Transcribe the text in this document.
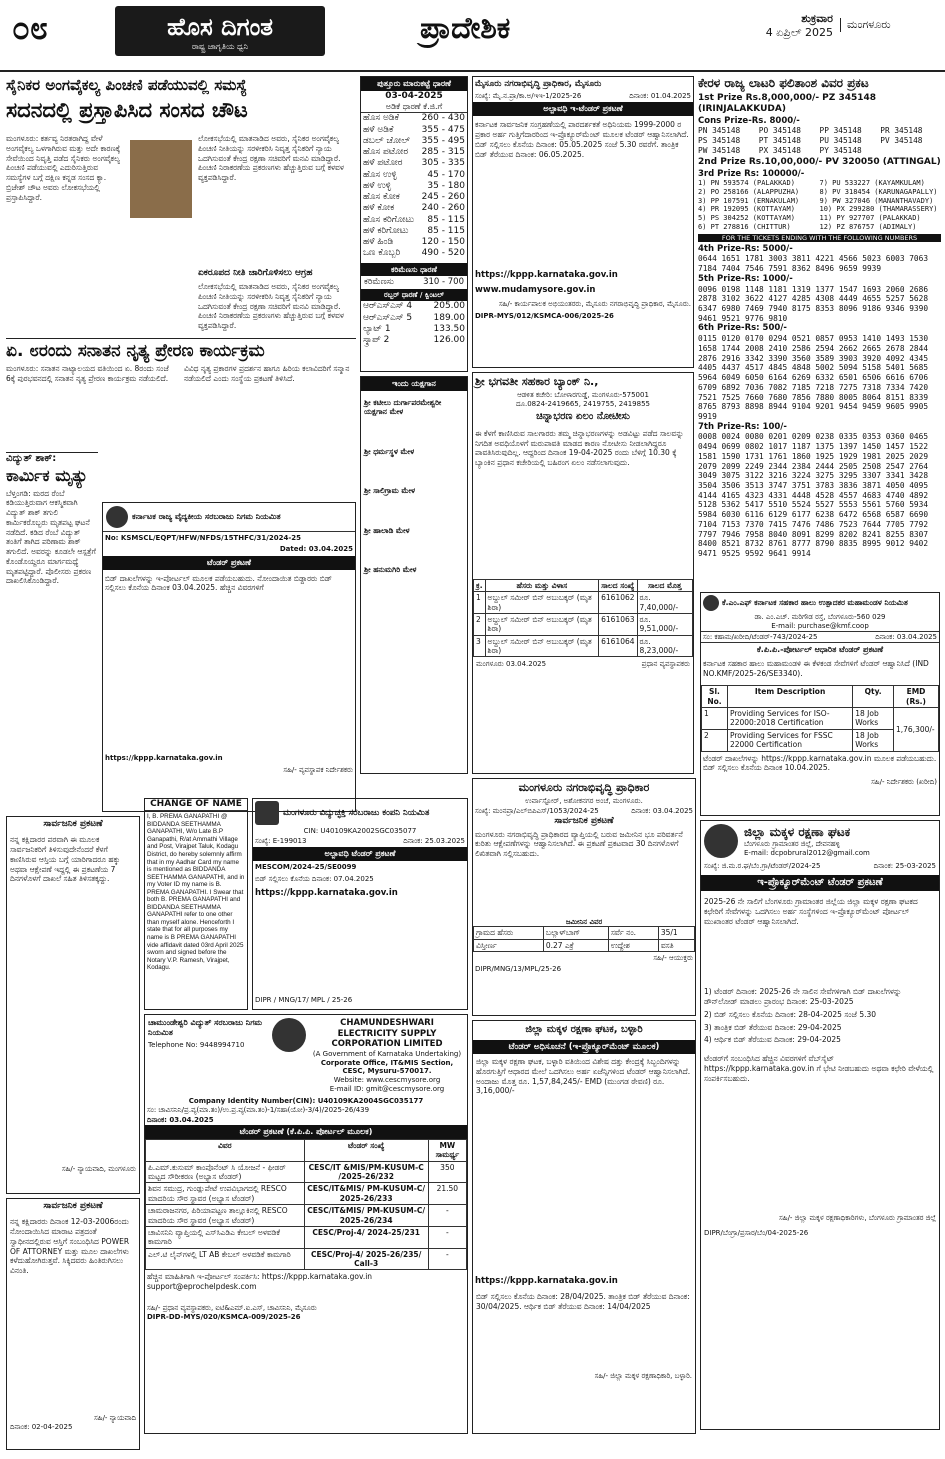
೦೮	ಹೊಸ ದಿಗಂತ
ರಾಷ್ಟ್ರ ಜಾಗೃತಿಯ ಧ್ವನಿ
ಪ್ರಾದೇಶಿಕ	ಶುಕ್ರವಾರ
4 ಏಪ್ರಿಲ್ 2025
ಮಂಗಳೂರು
ಸೈನಿಕರ ಅಂಗವೈಕಲ್ಯ ಪಿಂಚಣಿ ಪಡೆಯುವಲ್ಲಿ ಸಮಸ್ಯೆ
ಸದನದಲ್ಲಿ ಪ್ರಸ್ತಾಪಿಸಿದ ಸಂಸದ ಚೌಟ
ಮಂಗಳೂರು: ಕರ್ತವ್ಯ ನಿರತರಾಗಿದ್ದ ವೇಳೆ ಅಂಗವೈಕಲ್ಯ ಒಳಗಾಗಿರುವ ಮತ್ತು ಅದೇ ಕಾರಣಕ್ಕೆ ಸೇವೆಯಿಂದ ನಿವೃತ್ತಿ ಪಡೆದ ಸೈನಿಕರು ಅಂಗವೈಕಲ್ಯ ಪಿಂಚಣಿ ಪಡೆಯುವಲ್ಲಿ ಎದುರಿಸುತ್ತಿರುವ ಸಮಸ್ಯೆಗಳ ಬಗ್ಗೆ ದಕ್ಷಿಣ ಕನ್ನಡ ಸಂಸದ ಕ್ಯಾ. ಬ್ರಿಜೇಶ್ ಚೌಟ ಅವರು ಲೋಕಸಭೆಯಲ್ಲಿ ಪ್ರಸ್ತಾಪಿಸಿದ್ದಾರೆ.
ಲೋಕಸಭೆಯಲ್ಲಿ ಮಾತನಾಡಿದ ಅವರು, ಸೈನಿಕರ ಅಂಗವೈಕಲ್ಯ ಪಿಂಚಣಿ ನೀತಿಯನ್ನು ಸರಳೀಕರಿಸಿ ನಿವೃತ್ತ ಸೈನಿಕರಿಗೆ ನ್ಯಾಯ ಒದಗಿಸುವಂತೆ ಕೇಂದ್ರ ರಕ್ಷಣಾ ಸಚಿವರಿಗೆ ಮನವಿ ಮಾಡಿದ್ದಾರೆ. ಪಿಂಚಣಿ ನಿರಾಕರಣೆಯ ಪ್ರಕರಣಗಳು ಹೆಚ್ಚುತ್ತಿರುವ ಬಗ್ಗೆ ಕಳವಳ ವ್ಯಕ್ತಪಡಿಸಿದ್ದಾರೆ.
ಏಕರೂಪದ ನೀತಿ ಜಾರಿಗೊಳಿಸಲು ಆಗ್ರಹ
ಲೋಕಸಭೆಯಲ್ಲಿ ಮಾತನಾಡಿದ ಅವರು, ಸೈನಿಕರ ಅಂಗವೈಕಲ್ಯ ಪಿಂಚಣಿ ನೀತಿಯನ್ನು ಸರಳೀಕರಿಸಿ ನಿವೃತ್ತ ಸೈನಿಕರಿಗೆ ನ್ಯಾಯ ಒದಗಿಸುವಂತೆ ಕೇಂದ್ರ ರಕ್ಷಣಾ ಸಚಿವರಿಗೆ ಮನವಿ ಮಾಡಿದ್ದಾರೆ. ಪಿಂಚಣಿ ನಿರಾಕರಣೆಯ ಪ್ರಕರಣಗಳು ಹೆಚ್ಚುತ್ತಿರುವ ಬಗ್ಗೆ ಕಳವಳ ವ್ಯಕ್ತಪಡಿಸಿದ್ದಾರೆ.
ಪುತ್ತೂರು ಮಾರುಕಟ್ಟೆ ಧಾರಣೆ
03-04-2025
ಅಡಿಕೆ ಧಾರಣೆ ಕೆ.ಜಿ.ಗೆ
ಹೊಸ ಅಡಿಕೆ	260 - 430
ಹಳೆ ಅಡಿಕೆ	355 - 475
ಡಬಲ್ ಚೋಲ್	355 - 495
ಹೊಸ ಪಟೋರ	285 - 315
ಹಳೆ ಪಟೋರ	305 - 335
ಹೊಸ ಉಳ್ಳಿ	45 - 170
ಹಳೆ ಉಳ್ಳಿ	35 - 180
ಹೊಸ ಕೋಕ	245 - 260
ಹಳೆ ಕೋಕ	240 - 260
ಹೊಸ ಕರಿಗೋಟು	85 - 115
ಹಳೆ ಕರಿಗೋಟು	85 - 115
ಹಳೆ ಹಿಂಡಿ	120 - 150
ಒಣ ಕೊಬ್ಬರಿ	490 - 520
ಕರಿಮೆಣಸು ಧಾರಣೆ
ಕರಿಮೆಣಸು	310 - 700
ರಬ್ಬರ್ ಧಾರಣೆ / ಕ್ವಿಂಟಲ್
ಆರ್‌ಎಸ್‌ಎಸ್ 4	205.00
ಆರ್‌ಎಸ್‌ಎಸ್ 5	189.00
ಲ್ಯಾಟ್ 1	133.50
ಸ್ಕ್ರಾಪ್ 2	126.00
ಏ. ೮ರಂದು ಸನಾತನ ನೃತ್ಯ ಪ್ರೇರಣ ಕಾರ್ಯಕ್ರಮ
ಮಂಗಳೂರು: ಸನಾತನ ನಾಟ್ಯಾಲಯದ ವತಿಯಿಂದ ಏ. 8ರಂದು ಸಂಜೆ 6ಕ್ಕೆ ಪುರಭವನದಲ್ಲಿ ಸನಾತನ ನೃತ್ಯ ಪ್ರೇರಣ ಕಾರ್ಯಕ್ರಮ ನಡೆಯಲಿದೆ. ವಿವಿಧ ನೃತ್ಯ ಪ್ರಕಾರಗಳ ಪ್ರದರ್ಶನ ಹಾಗೂ ಹಿರಿಯ ಕಲಾವಿದರಿಗೆ ಸನ್ಮಾನ ನಡೆಯಲಿದೆ ಎಂದು ಸಂಸ್ಥೆಯ ಪ್ರಕಟಣೆ ತಿಳಿಸಿದೆ.
ವಿದ್ಯುತ್ ಶಾಕ್:
ಕಾರ್ಮಿಕ ಮೃತ್ಯು
ಬೆಳ್ತಂಗಡಿ: ಮರದ ರೆಂಬೆ ಕಡಿಯುತ್ತಿರುವಾಗ ಆಕಸ್ಮಿಕವಾಗಿ ವಿದ್ಯುತ್ ಶಾಕ್ ತಗುಲಿ ಕಾರ್ಮಿಕರೊಬ್ಬರು ಮೃತಪಟ್ಟ ಘಟನೆ ನಡೆದಿದೆ. ಕಡಿದ ರೆಂಬೆ ವಿದ್ಯುತ್ ತಂತಿಗೆ ತಾಗಿದ ಪರಿಣಾಮ ಶಾಕ್ ತಗುಲಿದೆ. ಅವರನ್ನು ಕೂಡಲೇ ಆಸ್ಪತ್ರೆಗೆ ಕೊಂಡೊಯ್ದರೂ ಮಾರ್ಗಮಧ್ಯೆ ಮೃತಪಟ್ಟಿದ್ದಾರೆ. ಪೊಲೀಸರು ಪ್ರಕರಣ ದಾಖಲಿಸಿಕೊಂಡಿದ್ದಾರೆ.
ಕರ್ನಾಟಕ ರಾಜ್ಯ ವೈದ್ಯಕೀಯ ಸರಬರಾಜು ನಿಗಮ ನಿಯಮಿತ
No: KSMSCL/EQPT/HFW/NFDS/15THFC/31/2024-25
Dated: 03.04.2025
ಟೆಂಡರ್ ಪ್ರಕಟಣೆ
ಬಿಡ್ ದಾಖಲೆಗಳನ್ನು ಇ-ಪೋರ್ಟಲ್ ಮೂಲಕ ಪಡೆಯಬಹುದು. ನೋಂದಾಯಿತ ಬಿಡ್ದಾರರು ಬಿಡ್ ಸಲ್ಲಿಸಲು ಕೊನೆಯ ದಿನಾಂಕ 03.04.2025. ಹೆಚ್ಚಿನ ವಿವರಗಳಿಗೆ
https://kppp.karnataka.gov.in
ಸಹಿ/- ವ್ಯವಸ್ಥಾಪಕ ನಿರ್ದೇಶಕರು
ಇಂದು ಯಕ್ಷಗಾನ
ಶ್ರೀ ಕಟೀಲು ದುರ್ಗಾಪರಮೇಶ್ವರೀ ಯಕ್ಷಗಾನ ಮೇಳ
ಶ್ರೀ ಧರ್ಮಸ್ಥಳ ಮೇಳ
ಶ್ರೀ ಸಾಲಿಗ್ರಾಮ ಮೇಳ
ಶ್ರೀ ಹಾಲಾಡಿ ಮೇಳ
ಶ್ರೀ ಹನುಮಗಿರಿ ಮೇಳ
ಮೈಸೂರು ನಗರಾಭಿವೃದ್ಧಿ ಪ್ರಾಧಿಕಾರ, ಮೈಸೂರು
ಸಂಖ್ಯೆ: ಮೈ.ನ.ಪ್ರಾ/ಕಾ.ಅ/ಇಇ-1/2025-26	ದಿನಾಂಕ: 01.04.2025
ಅಲ್ಪಾವಧಿ ಇ-ಟೆಂಡರ್ ಪ್ರಕಟಣೆ
ಕರ್ನಾಟಕ ಸಾರ್ವಜನಿಕ ಸಂಗ್ರಹಣೆಯಲ್ಲಿ ಪಾರದರ್ಶಕತೆ ಅಧಿನಿಯಮ 1999-2000 ರ ಪ್ರಕಾರ ಅರ್ಹ ಗುತ್ತಿಗೆದಾರರಿಂದ ಇ-ಪ್ರೊಕ್ಯೂರ್‌ಮೆಂಟ್ ಮೂಲಕ ಟೆಂಡರ್ ಆಹ್ವಾನಿಸಲಾಗಿದೆ. ಬಿಡ್ ಸಲ್ಲಿಸಲು ಕೊನೆಯ ದಿನಾಂಕ: 05.05.2025 ಸಂಜೆ 5.30 ರವರೆಗೆ. ತಾಂತ್ರಿಕ ಬಿಡ್ ತೆರೆಯುವ ದಿನಾಂಕ: 06.05.2025.
https://kppp.karnataka.gov.in
www.mudamysore.gov.in
ಸಹಿ/- ಕಾರ್ಯಪಾಲಕ ಅಭಿಯಂತರರು, ಮೈಸೂರು ನಗರಾಭಿವೃದ್ಧಿ ಪ್ರಾಧಿಕಾರ, ಮೈಸೂರು.
DIPR-MYS/012/KSMCA-006/2025-26
ಶ್ರೀ ಭಗವತೀ ಸಹಕಾರ ಬ್ಯಾಂಕ್ ನಿ.,
ಆಡಳಿತ ಕಚೇರಿ: ಬೋಳಾರಗುಡ್ಡೆ, ಮಂಗಳೂರು-575001
ದೂ.0824-2419665, 2419755, 2419855
ಚಿನ್ನಾಭರಣ ಏಲಂ ನೋಟೀಸು
ಈ ಕೆಳಗೆ ಕಾಣಿಸಿರುವ ಸಾಲಗಾರರು ತಮ್ಮ ಚಿನ್ನಾಭರಣಗಳನ್ನು ಅಡವಿಟ್ಟು ಪಡೆದ ಸಾಲವನ್ನು ನಿಗದಿತ ಅವಧಿಯೊಳಗೆ ಮರುಪಾವತಿ ಮಾಡದ ಕಾರಣ ನೋಟೀಸು ನೀಡಲಾಗಿದ್ದರೂ ಪಾವತಿಸಿರುವುದಿಲ್ಲ. ಆದ್ದರಿಂದ ದಿನಾಂಕ 19-04-2025 ರಂದು ಬೆಳಿಗ್ಗೆ 10.30 ಕ್ಕೆ ಬ್ಯಾಂಕಿನ ಪ್ರಧಾನ ಕಚೇರಿಯಲ್ಲಿ ಬಹಿರಂಗ ಏಲಂ ನಡೆಸಲಾಗುವುದು.
ಕ್ರ.	ಹೆಸರು ಮತ್ತು ವಿಳಾಸ	ಸಾಲದ ಸಂಖ್ಯೆ	ಸಾಲದ ಮೊತ್ತ
1	ಅಬ್ದುಲ್ ಸಮೀರ್ ಬಿನ್ ಅಬುಬಕ್ಕರ್ (ಮೃತ ಶಿರಾ)	6161062	ರೂ. 7,40,000/-
2	ಅಬ್ದುಲ್ ಸಮೀರ್ ಬಿನ್ ಅಬುಬಕ್ಕರ್ (ಮೃತ ಶಿರಾ)	6161063	ರೂ. 9,51,000/-
3	ಅಬ್ದುಲ್ ಸಮೀರ್ ಬಿನ್ ಅಬುಬಕ್ಕರ್ (ಮೃತ ಶಿರಾ)	6161064	ರೂ. 8,23,000/-
ಮಂಗಳೂರು 03.04.2025	ಪ್ರಧಾನ ವ್ಯವಸ್ಥಾಪಕರು
ಕೇರಳ ರಾಜ್ಯ ಲಾಟರಿ ಫಲಿತಾಂಶ ವಿವರ ಪ್ರಕಟ
1st Prize Rs.8,000,000/- PZ 345148 (IRINJALAKKUDA)
Cons Prize-Rs. 8000/-
PN 345148	PO 345148	PP 345148	PR 345148
PS 345148	PT 345148	PU 345148	PV 345148
PW 345148	PX 345148	PY 345148
2nd Prize Rs.10,00,000/- PV 320050 (ATTINGAL)
3rd Prize Rs: 100000/-
1) PN 593574 (PALAKKAD)	7) PU 533227 (KAYAMKULAM)
2) PO 258166 (ALAPPUZHA)	8) PV 318454 (KARUNAGAPALLY)
3) PP 107591 (ERNAKULAM)	9) PW 327046 (MANANTHAVADY)
4) PR 192095 (KOTTAYAM)	10) PX 299280 (THAMARASSERY)
5) PS 304252 (KOTTAYAM)	11) PY 927707 (PALAKKAD)
6) PT 278816 (CHITTUR)	12) PZ 876757 (ADIMALY)
FOR THE TICKETS ENDING WITH THE FOLLOWING NUMBERS
4th Prize-Rs: 5000/-
0644 1651 1781 3003 3811 4221 4566 5023 6003 7063 7184 7404 7546 7591 8362 8496 9659 9939
5th Prize-Rs: 1000/-
0096 0198 1148 1181 1319 1377 1547 1693 2060 2686 2878 3102 3622 4127 4285 4308 4449 4655 5257 5628 6347 6980 7469 7940 8175 8353 8096 9186 9346 9390 9461 9521 9776 9810
6th Prize-Rs: 500/-
0115 0120 0170 0294 0521 0857 0953 1410 1493 1530 1658 1744 2008 2410 2586 2594 2662 2665 2678 2844 2876 2916 3342 3390 3560 3589 3903 3920 4092 4345 4405 4437 4517 4845 4848 5002 5094 5158 5401 5685 5964 6049 6050 6164 6269 6332 6501 6506 6616 6706 6709 6892 7036 7082 7185 7218 7275 7318 7334 7420 7521 7525 7660 7680 7856 7880 8005 8064 8151 8339 8765 8793 8898 8944 9104 9201 9454 9459 9605 9905 9919
7th Prize-Rs: 100/-
0008 0024 0080 0201 0209 0238 0335 0353 0360 0465 0494 0699 0802 1017 1187 1375 1397 1450 1457 1522 1581 1590 1731 1761 1860 1925 1929 1981 2025 2029 2079 2099 2249 2344 2384 2444 2505 2508 2547 2764 3049 3075 3122 3216 3224 3275 3295 3307 3341 3428 3504 3506 3513 3747 3751 3783 3836 3871 4050 4095 4144 4165 4323 4331 4448 4528 4557 4683 4740 4892 5128 5362 5417 5510 5524 5527 5553 5561 5760 5934 5984 6030 6116 6129 6177 6238 6472 6568 6587 6690 7104 7153 7370 7415 7476 7486 7523 7644 7705 7792 7797 7946 7958 8040 8091 8299 8202 8241 8255 8307 8400 8521 8732 8761 8777 8790 8835 8995 9012 9402 9471 9525 9592 9641 9914
ಕೆ.ಎಂ.ಎಫ್ ಕರ್ನಾಟಕ ಸಹಕಾರ ಹಾಲು ಉತ್ಪಾದಕರ ಮಹಾಮಂಡಳ ನಿಯಮಿತ
ಡಾ. ಎಂ.ಎಚ್. ಮರಿಗೌಡ ರಸ್ತೆ, ಬೆಂಗಳೂರು-560 029
E-mail: purchase@kmf.coop
ಸಂ: ಕಹಾಮ/ಖರೀದಿ/ಟೆಂಡರ್-743/2024-25	ದಿನಾಂಕ: 03.04.2025
ಕೆ.ಪಿ.ಪಿ.-ಪೋರ್ಟಲ್ ಆಧಾರಿತ ಟೆಂಡರ್ ಪ್ರಕಟಣೆ
ಕರ್ನಾಟಕ ಸಹಕಾರ ಹಾಲು ಮಹಾಮಂಡಳಿ ಈ ಕೆಳಕಂಡ ಸೇವೆಗಳಿಗೆ ಟೆಂಡರ್ ಆಹ್ವಾನಿಸಿದೆ (IND NO.KMF/2025-26/SE3340).
Sl. No.	Item Description	Qty.	EMD (Rs.)
1	Providing Services for ISO-22000:2018 Certification	18 Job Works	1,76,300/-
2	Providing Services for FSSC 22000 Certification	18 Job Works	
ಟೆಂಡರ್ ದಾಖಲೆಗಳನ್ನು https://kppp.karnataka.gov.in ಮೂಲಕ ಪಡೆಯಬಹುದು. ಬಿಡ್ ಸಲ್ಲಿಸಲು ಕೊನೆಯ ದಿನಾಂಕ 10.04.2025.
ಸಹಿ/- ನಿರ್ದೇಶಕರು (ಖರೀದಿ)
ಜಿಲ್ಲಾ ಮಕ್ಕಳ ರಕ್ಷಣಾ ಘಟಕ
ಬೆಂಗಳೂರು ಗ್ರಾಮಾಂತರ ಜಿಲ್ಲೆ, ದೇವನಹಳ್ಳಿ
E-mail: dcpobrural2012@gmail.com
ಸಂಖ್ಯೆ: ಜಿ.ಮ.ರ.ಘ/ಬೆಂ.ಗ್ರಾ/ಟೆಂಡರ್/2024-25	ದಿನಾಂಕ: 25-03-2025
ಇ-ಪ್ರೊಕ್ಯೂರ್‌ಮೆಂಟ್ ಟೆಂಡರ್ ಪ್ರಕಟಣೆ
2025-26 ನೇ ಸಾಲಿಗೆ ಬೆಂಗಳೂರು ಗ್ರಾಮಾಂತರ ಜಿಲ್ಲೆಯ ಜಿಲ್ಲಾ ಮಕ್ಕಳ ರಕ್ಷಣಾ ಘಟಕದ ಕಛೇರಿಗೆ ಸೇವೆಗಳನ್ನು ಒದಗಿಸಲು ಅರ್ಹ ಸಂಸ್ಥೆಗಳಿಂದ ಇ-ಪ್ರೊಕ್ಯೂರ್‌ಮೆಂಟ್ ಪೋರ್ಟಲ್ ಮುಖಾಂತರ ಟೆಂಡರ್ ಆಹ್ವಾನಿಸಲಾಗಿದೆ.
1) ಟೆಂಡರ್ ದಿನಾಂಕ: 2025-26 ನೇ ಸಾಲಿನ ಸೇವೆಗಳಿಗಾಗಿ ಬಿಡ್ ದಾಖಲೆಗಳನ್ನು ಡೌನ್‌ಲೋಡ್ ಮಾಡಲು ಪ್ರಾರಂಭ ದಿನಾಂಕ: 25-03-2025
2) ಬಿಡ್ ಸಲ್ಲಿಸಲು ಕೊನೆಯ ದಿನಾಂಕ: 28-04-2025 ಸಂಜೆ 5.30
3) ತಾಂತ್ರಿಕ ಬಿಡ್ ತೆರೆಯುವ ದಿನಾಂಕ: 29-04-2025
4) ಆರ್ಥಿಕ ಬಿಡ್ ತೆರೆಯುವ ದಿನಾಂಕ: 29-04-2025
ಟೆಂಡರ್‌ಗೆ ಸಂಬಂಧಿಸಿದ ಹೆಚ್ಚಿನ ವಿವರಗಳಿಗೆ ವೆಬ್‌ಸೈಟ್ https://kppp.karnataka.gov.in ಗೆ ಭೇಟಿ ನೀಡಬಹುದು ಅಥವಾ ಕಛೇರಿ ವೇಳೆಯಲ್ಲಿ ಸಂಪರ್ಕಿಸಬಹುದು.
ಸಹಿ/- ಜಿಲ್ಲಾ ಮಕ್ಕಳ ರಕ್ಷಣಾಧಿಕಾರಿಗಳು, ಬೆಂಗಳೂರು ಗ್ರಾಮಾಂತರ ಜಿಲ್ಲೆ
DIPR/ಬೆಂಗ್ರಾ/ಪ್ರಸಾರ/ಬೆಂ/04-2025-26
ಮಂಗಳೂರು ನಗರಾಭಿವೃದ್ಧಿ ಪ್ರಾಧಿಕಾರ
ಉರ್ವಾಸ್ಟೋರ್, ಅಶೋಕನಗರ ಅಂಚೆ, ಮಂಗಳೂರು.
ಸಂಖ್ಯೆ: ಮಂನಪ್ರಾ/ಎಲ್‌ಬಿಪಿಎಸ್/1053/2024-25	ದಿನಾಂಕ: 03.04.2025
ಸಾರ್ವಜನಿಕ ಪ್ರಕಟಣೆ
ಮಂಗಳೂರು ನಗರಾಭಿವೃದ್ಧಿ ಪ್ರಾಧಿಕಾರದ ವ್ಯಾಪ್ತಿಯಲ್ಲಿ ಬರುವ ಜಮೀನಿನ ಭೂ ಪರಿವರ್ತನೆ ಕುರಿತು ಆಕ್ಷೇಪಣೆಗಳನ್ನು ಆಹ್ವಾನಿಸಲಾಗಿದೆ. ಈ ಪ್ರಕಟಣೆ ಪ್ರಕಟವಾದ 30 ದಿನಗಳೊಳಗೆ ಲಿಖಿತವಾಗಿ ಸಲ್ಲಿಸಬಹುದು.
ಜಮೀನಿನ ವಿವರ
ಗ್ರಾಮದ ಹೆಸರು	ಬಲ್ಲಾಳ್‌ಬಾಗ್	ಸರ್ವೆ ನಂ.	35/1
ವಿಸ್ತೀರ್ಣ	0.27 ಎಕ್ರೆ	ಉದ್ದೇಶ	ವಸತಿ
ಸಹಿ/- ಆಯುಕ್ತರು
DIPR/MNG/13/MPL/25-26
ಸಾರ್ವಜನಿಕ ಪ್ರಕಟಣೆ
ನನ್ನ ಕಕ್ಷಿದಾರರ ಪರವಾಗಿ ಈ ಮೂಲಕ ಸಾರ್ವಜನಿಕರಿಗೆ ತಿಳಿಸುವುದೇನೆಂದರೆ ಕೆಳಗೆ ಕಾಣಿಸಿರುವ ಆಸ್ತಿಯ ಬಗ್ಗೆ ಯಾರಿಗಾದರೂ ಹಕ್ಕು ಅಥವಾ ಆಕ್ಷೇಪಣೆ ಇದ್ದಲ್ಲಿ ಈ ಪ್ರಕಟಣೆಯ 7 ದಿನಗಳೊಳಗೆ ದಾಖಲೆ ಸಹಿತ ತಿಳಿಸತಕ್ಕದ್ದು.
ಸಹಿ/- ನ್ಯಾಯವಾದಿ, ಮಂಗಳೂರು
ಸಾರ್ವಜನಿಕ ಪ್ರಕಟಣೆ
ನನ್ನ ಕಕ್ಷಿದಾರರು ದಿನಾಂಕ 12-03-2006ರಂದು ನೋಂದಾಯಿಸಿದ ಮಾರಾಟ ಪತ್ರದಂತೆ ಸ್ವಾಧೀನದಲ್ಲಿರುವ ಆಸ್ತಿಗೆ ಸಂಬಂಧಿಸಿದ POWER OF ATTORNEY ಮತ್ತು ಮೂಲ ದಾಖಲೆಗಳು ಕಳೆದುಹೋಗಿರುತ್ತವೆ. ಸಿಕ್ಕಿದವರು ಹಿಂತಿರುಗಿಸಲು ವಿನಂತಿ.
ಸಹಿ/- ನ್ಯಾಯವಾದಿ
ದಿನಾಂಕ: 02-04-2025
CHANGE OF NAME
I, B. PREMA GANAPATHI @ BIDDANDA SEETHAMMA GANAPATHI, W/o Late B.P Ganapathi, R/at Ammathi Village and Post, Virajpet Taluk, Kodagu District, do hereby solemnly affirm that in my Aadhar Card my name is mentioned as BIDDANDA SEETHAMMA GANAPATHI, and in my Voter ID my name is B. PREMA GANAPATHI. I Swear that both B. PREMA GANAPATHI and BIDDANDA SEETHAMMA GANAPATHI refer to one other than myself alone. Henceforth I state that for all purposes my name is B PREMA GANAPATHI vide affidavit dated 03rd April 2025 sworn and signed before the Notary V.P. Ramesh, Virajpet, Kodagu.
ಮಂಗಳೂರು ವಿದ್ಯುಚ್ಛಕ್ತಿ ಸರಬರಾಜು ಕಂಪನಿ ನಿಯಮಿತ
CIN: U40109KA2002SGC035077
ಸಂಖ್ಯೆ: E-199013	ದಿನಾಂಕ: 25.03.2025
ಅಲ್ಪಾವಧಿ ಟೆಂಡರ್ ಪ್ರಕಟಣೆ
MESCOM/2024-25/SE0099
ಬಿಡ್ ಸಲ್ಲಿಸಲು ಕೊನೆಯ ದಿನಾಂಕ: 07.04.2025
https://kppp.karnataka.gov.in
DIPR / MNG/17/ MPL / 25-26
ಚಾಮುಂಡೇಶ್ವರಿ ವಿದ್ಯುತ್ ಸರಬರಾಜು ನಿಗಮ ನಿಯಮಿತ
Telephone No: 9448994710
CHAMUNDESHWARI ELECTRICITY SUPPLY CORPORATION LIMITED
(A Government of Karnataka Undertaking)
Corporate Office, IT&MIS Section, CESC, Mysuru-570017.
Website: www.cescmysore.org
E-mail ID: gmit@cescmysore.org
Company Identity Number(CIN): U40109KA2004SGC035177
ಸಂ: ಚಾವಿಸನಿನಿ/ಪ್ರ.ವ್ಯ(ಮಾ.ತಂ)/ಉ.ಪ್ರ.ವ್ಯ(ಮಾ.ತಂ)-1/ಸಹಾ(ಯೋ)-3/4)/2025-26/439
ದಿನಾಂಕ: 03.04.2025
ಟೆಂಡರ್ ಪ್ರಕಟಣೆ (ಕೆ.ಪಿ.ಪಿ. ಪೋರ್ಟಲ್ ಮೂಲಕ)
ವಿವರ	ಟೆಂಡರ್ ಸಂಖ್ಯೆ	MW ಸಾಮರ್ಥ್ಯ
ಪಿ.ಎಮ್.ಕುಸುಮ್ ಕಾಂಪೊನೆಂಟ್ ಸಿ ಯೋಜನೆ - ಫೀಡರ್ ಮಟ್ಟದ ಸೌರೀಕರಣ (ಅಭ್ಯಾಸ ಟೆಂಡರ್)	CESC/IT &MIS/PM-KUSUM-C /2025-26/232	350
ಶಿವನ ಸಮುದ್ರ, ಗುಂಡ್ಲುಪೇಟೆ ಉಪವಿಭಾಗದಲ್ಲಿ RESCO ಮಾದರಿಯ ಸೌರ ಸ್ಥಾವರ (ಅಭ್ಯಾಸ ಟೆಂಡರ್)	CESC/IT&MIS/ PM-KUSUM-C/ 2025-26/233	21.50
ಚಾಮರಾಜನಗರ, ಪಿರಿಯಾಪಟ್ಟಣ ತಾಲ್ಲೂಕಿನಲ್ಲಿ RESCO ಮಾದರಿಯ ಸೌರ ಸ್ಥಾವರ (ಅಭ್ಯಾಸ ಟೆಂಡರ್)	CESC/IT&MIS/ PM-KUSUM-C/ 2025-26/234	-
ಚಾವಿಸನಿನಿ ವ್ಯಾಪ್ತಿಯಲ್ಲಿ ಎಸ್‌ಸಿಎಡಿಎ ಕೇಬಲ್ ಅಳವಡಿಕೆ ಕಾಮಗಾರಿ	CESC/Proj-4/ 2024-25/231	-
ಎಲ್.ಟಿ ಲೈನ್‌ಗಳಲ್ಲಿ LT AB ಕೇಬಲ್ ಅಳವಡಿಕೆ ಕಾಮಗಾರಿ	CESC/Proj-4/ 2025-26/235/ Call-3	-
ಹೆಚ್ಚಿನ ಮಾಹಿತಿಗಾಗಿ ಇ-ಪೋರ್ಟಲ್ ಸಂಪರ್ಕಿಸಿ: https://kppp.karnataka.gov.in support@eprochelpdesk.com
ಸಹಿ/- ಪ್ರಧಾನ ವ್ಯವಸ್ಥಾಪಕರು, ಐಟಿ&ಎಮ್.ಐ.ಎಸ್, ಚಾವಿಸನಿನಿ, ಮೈಸೂರು
DIPR-DD-MYS/020/KSMCA-009/2025-26
ಜಿಲ್ಲಾ ಮಕ್ಕಳ ರಕ್ಷಣಾ ಘಟಕ, ಬಳ್ಳಾರಿ
ಟೆಂಡರ್ ಅಧಿಸೂಚನೆ (ಇ-ಪ್ರೊಕ್ಯೂರ್‌ಮೆಂಟ್ ಮೂಲಕ)
ಜಿಲ್ಲಾ ಮಕ್ಕಳ ರಕ್ಷಣಾ ಘಟಕ, ಬಳ್ಳಾರಿ ವತಿಯಿಂದ ವಿಶೇಷ ದತ್ತು ಕೇಂದ್ರಕ್ಕೆ ಸಿಬ್ಬಂದಿಗಳನ್ನು ಹೊರಗುತ್ತಿಗೆ ಆಧಾರದ ಮೇಲೆ ಒದಗಿಸಲು ಅರ್ಹ ಏಜೆನ್ಸಿಗಳಿಂದ ಟೆಂಡರ್ ಆಹ್ವಾನಿಸಲಾಗಿದೆ. ಅಂದಾಜು ಮೊತ್ತ ರೂ. 1,57,84,245/- EMD (ಮುಂಗಡ ಠೇವಣಿ) ರೂ. 3,16,000/-
https://kppp.karnataka.gov.in
ಬಿಡ್ ಸಲ್ಲಿಸಲು ಕೊನೆಯ ದಿನಾಂಕ: 28/04/2025. ತಾಂತ್ರಿಕ ಬಿಡ್ ತೆರೆಯುವ ದಿನಾಂಕ: 30/04/2025. ಆರ್ಥಿಕ ಬಿಡ್ ತೆರೆಯುವ ದಿನಾಂಕ: 14/04/2025
ಸಹಿ/- ಜಿಲ್ಲಾ ಮಕ್ಕಳ ರಕ್ಷಣಾಧಿಕಾರಿ, ಬಳ್ಳಾರಿ.
